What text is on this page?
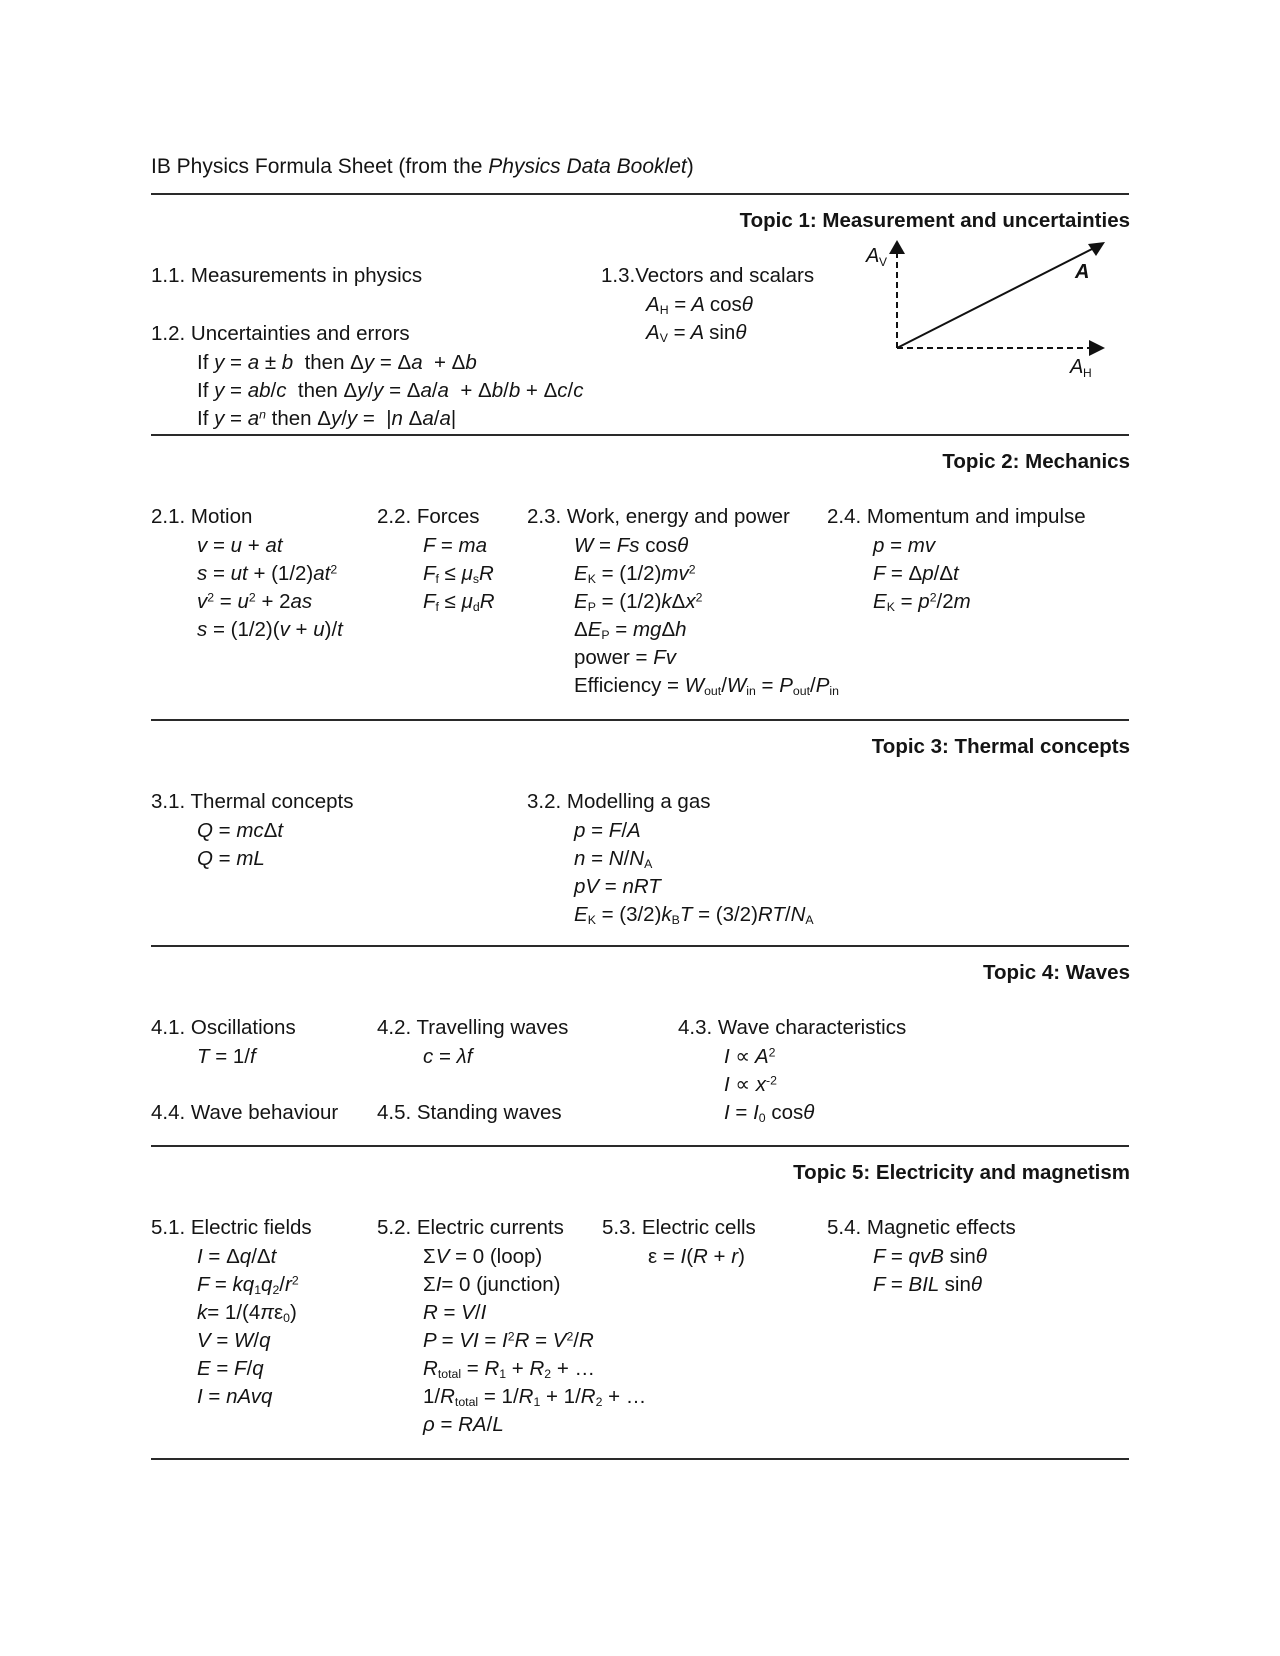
IB Physics Formula Sheet (from the Physics Data Booklet)
Topic 1: Measurement and uncertainties
1.1. Measurements in physics
1.2. Uncertainties and errors
If y = a ± b  then Δy = Δa  + Δb
If y = ab/c  then Δy/y = Δa/a  + Δb/b + Δc/c
If $y = a^n$ then Δy/y =  |n Δa/a|
1.3.Vectors and scalars
$A_H = A$ cosθ
$A_V = A$ sinθ
A V	A
A H
Topic 2: Mechanics
2.1. Motion
v = u + at
s = ut + $(1/2)at^2$
$v^2 = u^2 + 2as$
s = (1/2)(v + u)/t
2.2. Forces
F = ma
$F_f \le \mu_sR$
$F_f \le \mu_dR$
2.3. Work, energy and power
W = Fs cosθ
$E_K = (1/2)mv^2$
$E_P = (1/2)k\Delta x^2$
$\Delta E_P = mg\Delta h$
power = Fv
Efficiency = $W_{out}/W_{in} = P_{out}/P_{in}$
2.4. Momentum and impulse
p = mv
F = Δp/Δt
$E_K = p^2/2m$
Topic 3: Thermal concepts
3.1. Thermal concepts
Q = mcΔt
Q = mL
3.2. Modelling a gas
p = F/A
$n = N/N_A$
pV = nRT
$E_K = (3/2)k_BT = (3/2)RT/N_A$
Topic 4: Waves
4.1. Oscillations
T = 1/f
4.2. Travelling waves
c = λf
4.3. Wave characteristics
$I \propto A^2$
$I \propto x^{-2}$
$I = I_0$ cosθ
4.4. Wave behaviour 4.5. Standing waves
Topic 5: Electricity and magnetism
5.1. Electric fields
I = Δq/Δt
$F = kq_1q_2/r^2$
$k= 1/(4\pi\varepsilon_0)$
V = W/q
E = F/q
I = nAvq
5.2. Electric currents
ΣV = 0 (loop)
ΣI= 0 (junction)
R = V/I
P = VI = $I^2R = V^2/R$
$R_{total} = R_1 + R_2$ + …
$1/R_{total} = 1/R_1 + 1/R_2$ + …
ρ = RA/L
5.3. Electric cells
ε = I(R + r)
5.4. Magnetic effects
F = qvB sinθ
F = BIL sinθ
